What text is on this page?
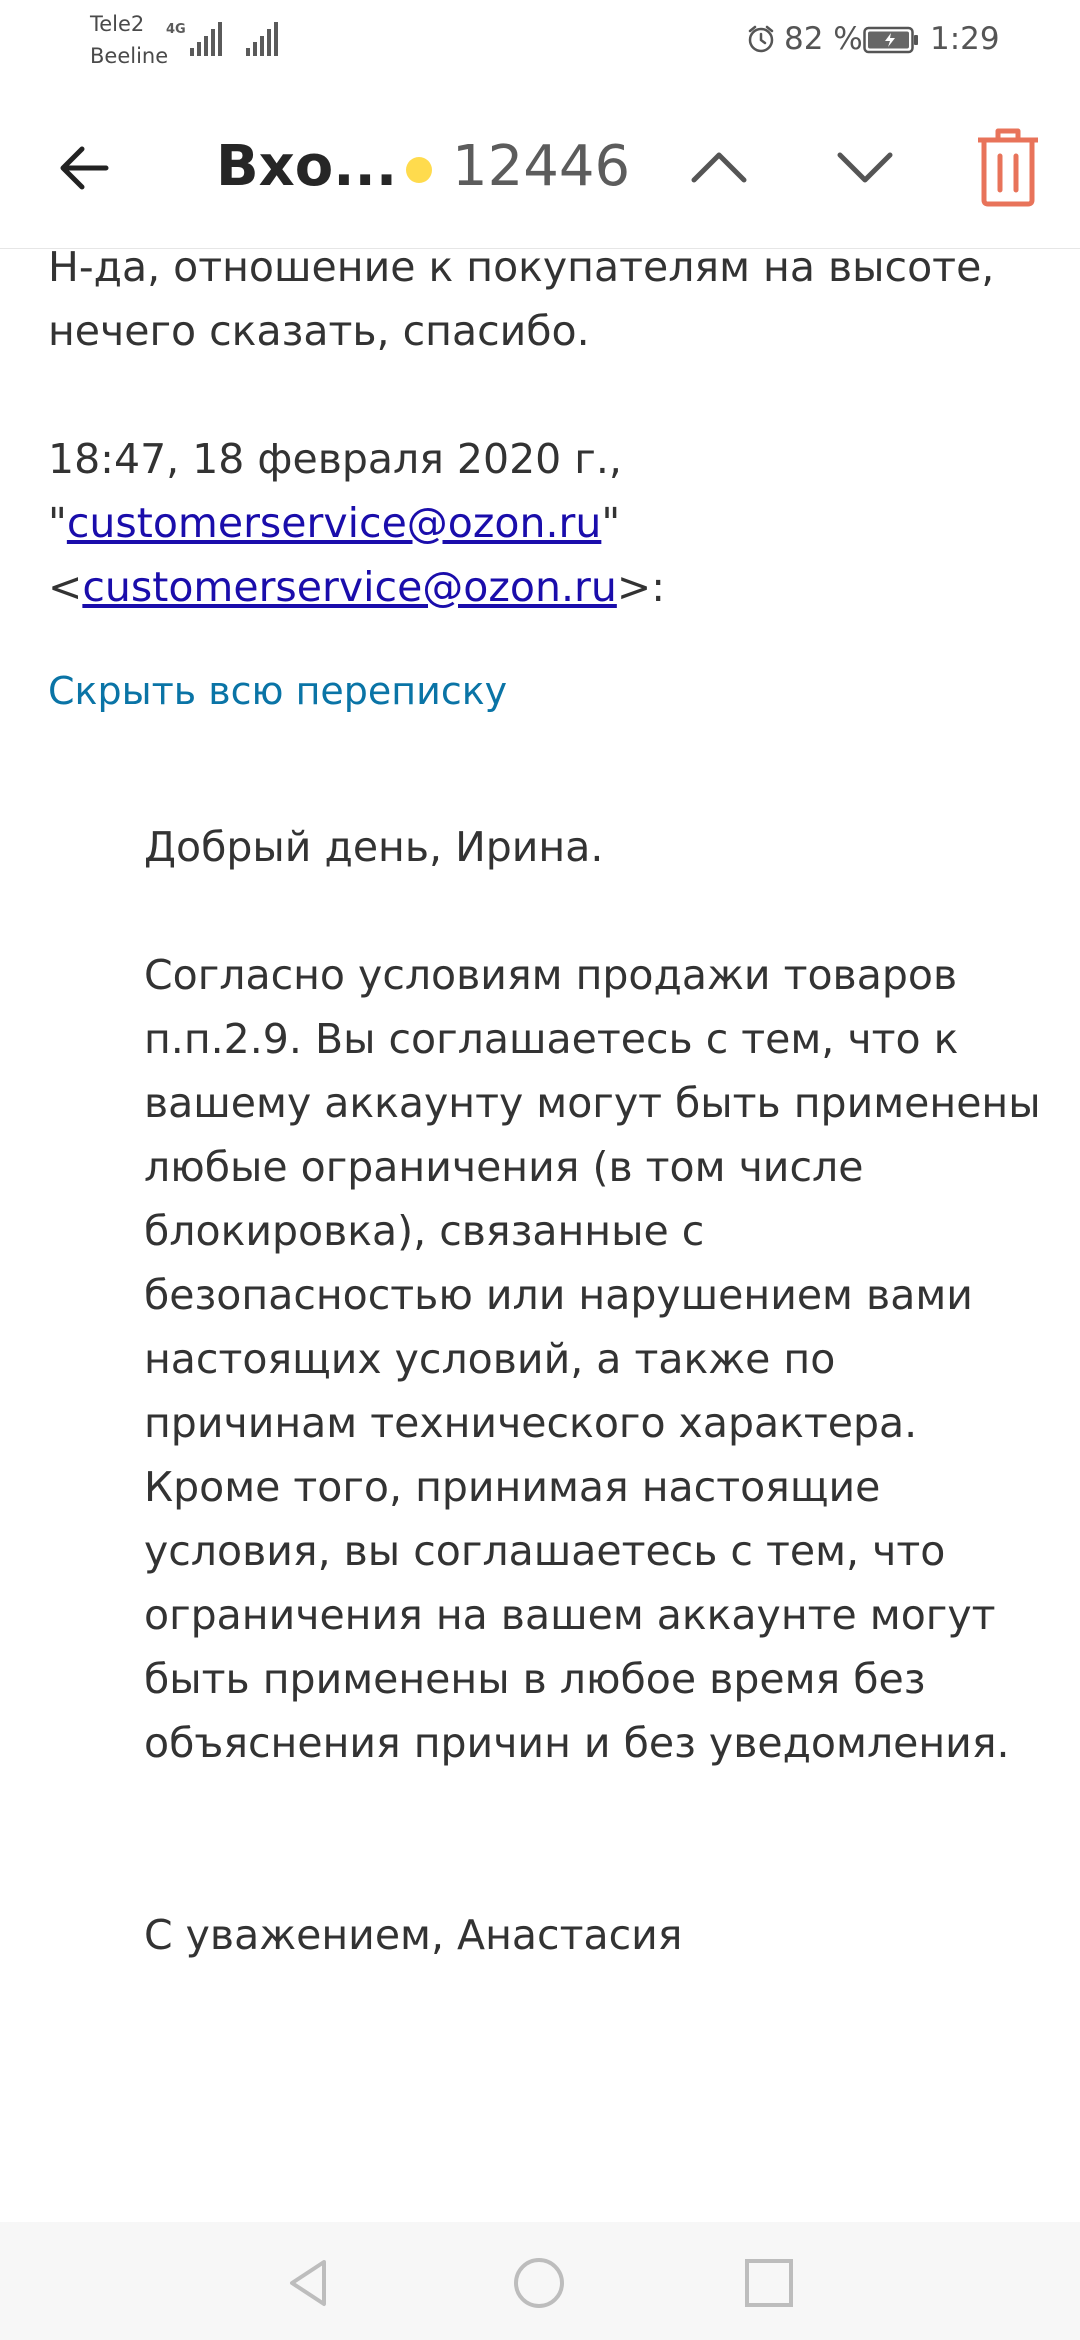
Tele2
Beeline
4G	82 % 1:29
Вхо... 12446

Н-да, отношение к покупателям на высоте, нечего сказать, спасибо.

18:47, 18 февраля 2020 г.,
"customerservice@ozon.ru"
<customerservice@ozon.ru>:

Скрыть всю переписку

Добрый день, Ирина.

Согласно условиям продажи товаров п.п.2.9. Вы соглашаетесь с тем, что к вашему аккаунту могут быть применены любые ограничения (в том числе блокировка), связанные с безопасностью или нарушением вами настоящих условий, а также по причинам технического характера. Кроме того, принимая настоящие условия, вы соглашаетесь с тем, что ограничения на вашем аккаунте могут быть применены в любое время без объяснения причин и без уведомления.

С уважением, Анастасия
